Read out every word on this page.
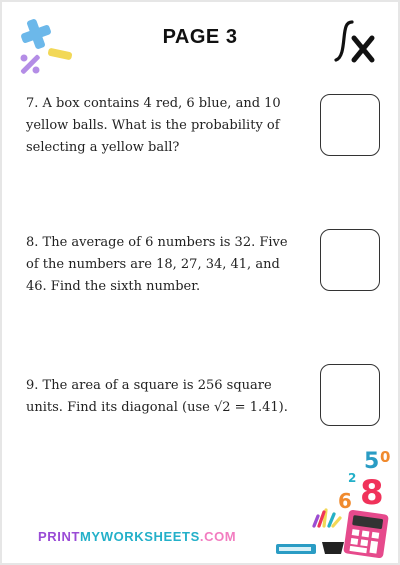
PAGE 3
7. A box contains 4 red, 6 blue, and 10 yellow balls. What is the probability of selecting a yellow ball?
8. The average of 6 numbers is 32. Five of the numbers are 18, 27, 34, 41, and 46. Find the sixth number.
9. The area of a square is 256 square units. Find its diagonal (use √2 = 1.41).
5 0
2 8
6
PRINTMYWORKSHEETS.COM
